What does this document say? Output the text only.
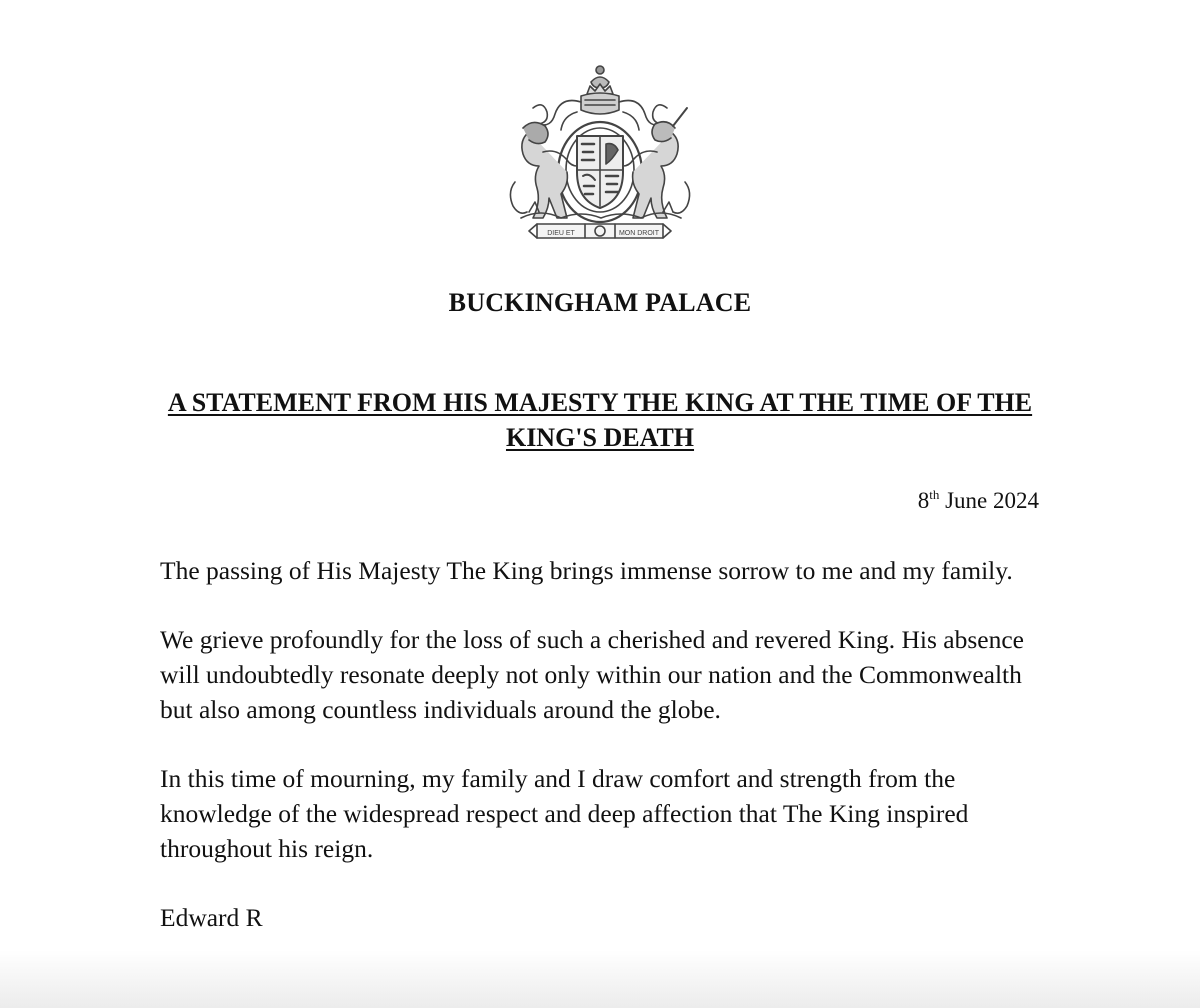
DIEU ET	MON DROIT
BUCKINGHAM PALACE
A STATEMENT FROM HIS MAJESTY THE KING AT THE TIME OF THE KING'S DEATH
8th June 2024

The passing of His Majesty The King brings immense sorrow to me and my family.

We grieve profoundly for the loss of such a cherished and revered King. His absence will undoubtedly resonate deeply not only within our nation and the Commonwealth but also among countless individuals around the globe.

In this time of mourning, my family and I draw comfort and strength from the knowledge of the widespread respect and deep affection that The King inspired throughout his reign.

Edward R
